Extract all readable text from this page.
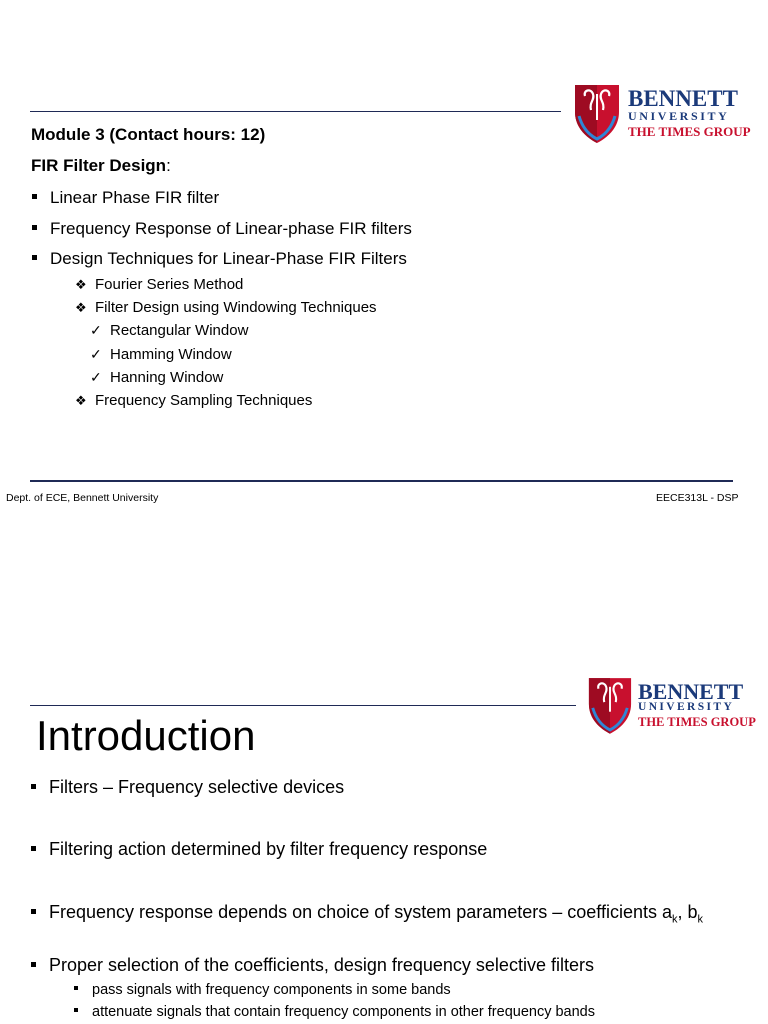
BENNETT
UNIVERSITY
THE TIMES GROUP
Module 3 (Contact hours: 12)
FIR Filter Design:
Linear Phase FIR filter
Frequency Response of Linear-phase FIR filters
Design Techniques for Linear-Phase FIR Filters
❖ Fourier Series Method
❖ Filter Design using Windowing Techniques
✓ Rectangular Window
✓ Hamming Window
✓ Hanning Window
❖ Frequency Sampling Techniques
Dept. of ECE, Bennett University	EECE313L - DSP
BENNETT
UNIVERSITY
THE TIMES GROUP
Introduction
Filters – Frequency selective devices
Filtering action determined by filter frequency response
Frequency response depends on choice of system parameters – coefficients $a_k$, $b_k$
Proper selection of the coefficients, design frequency selective filters
pass signals with frequency components in some bands
attenuate signals that contain frequency components in other frequency bands
